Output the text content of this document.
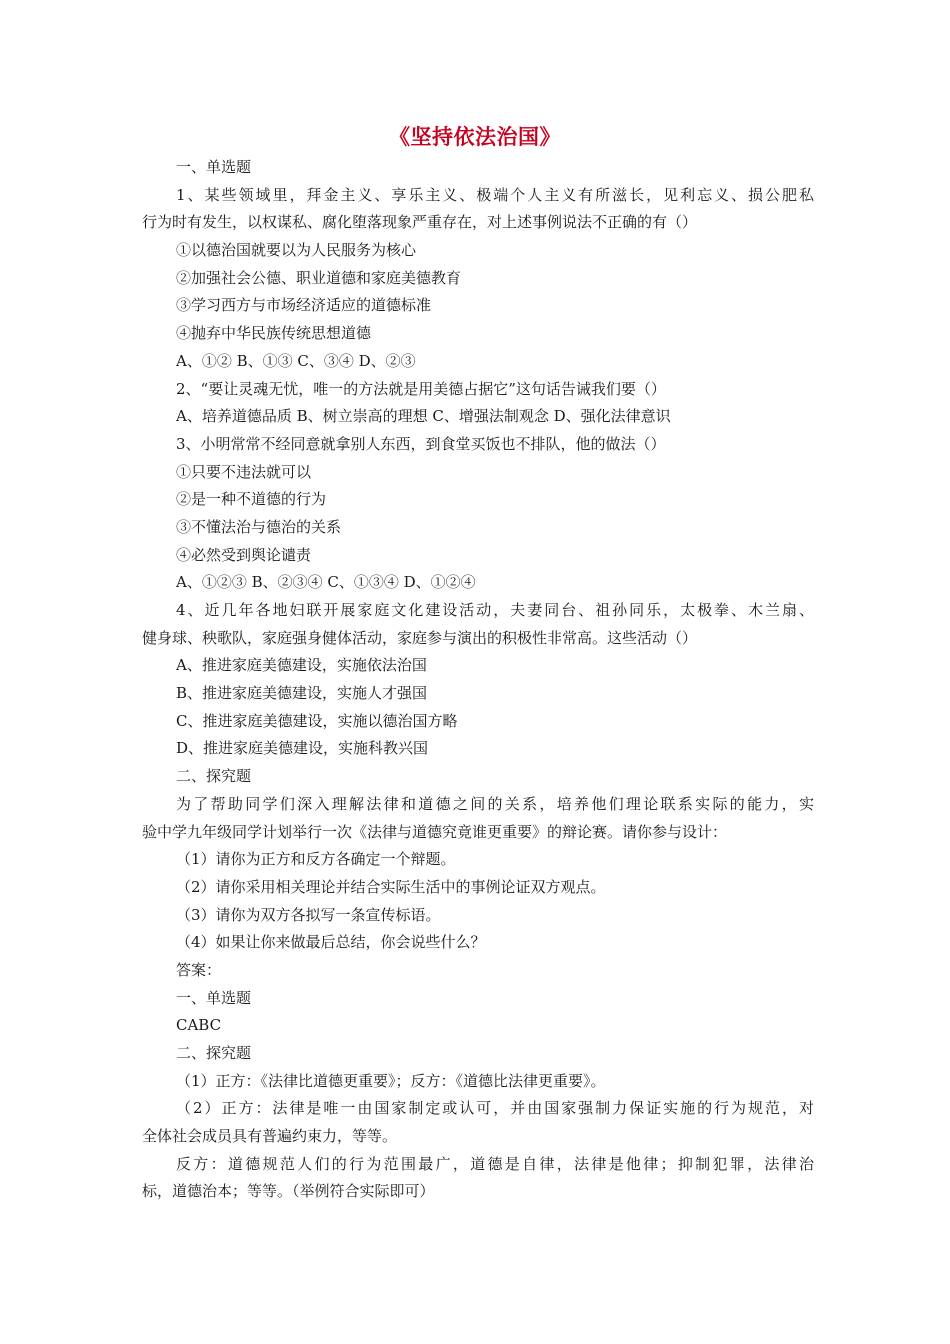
《坚持依法治国》
一、单选题
1、某些领域里，拜金主义、享乐主义、极端个人主义有所滋长，见利忘义、损公肥私
行为时有发生，以权谋私、腐化堕落现象严重存在，对上述事例说法不正确的有（）
①以德治国就要以为人民服务为核心
②加强社会公德、职业道德和家庭美德教育
③学习西方与市场经济适应的道德标准
④抛弃中华民族传统思想道德
A、①② B、①③ C、③④ D、②③
2、“要让灵魂无忧，唯一的方法就是用美德占据它”这句话告诫我们要（）
A、培养道德品质 B、树立崇高的理想 C、增强法制观念 D、强化法律意识
3、小明常常不经同意就拿别人东西，到食堂买饭也不排队，他的做法（）
①只要不违法就可以
②是一种不道德的行为
③不懂法治与德治的关系
④必然受到舆论谴责
A、①②③ B、②③④ C、①③④ D、①②④
4、近几年各地妇联开展家庭文化建设活动，夫妻同台、祖孙同乐，太极拳、木兰扇、
健身球、秧歌队，家庭强身健体活动，家庭参与演出的积极性非常高。这些活动（）
A、推进家庭美德建设，实施依法治国
B、推进家庭美德建设，实施人才强国
C、推进家庭美德建设，实施以德治国方略
D、推进家庭美德建设，实施科教兴国
二、探究题
为了帮助同学们深入理解法律和道德之间的关系，培养他们理论联系实际的能力，实
验中学九年级同学计划举行一次《法律与道德究竟谁更重要》的辩论赛。请你参与设计：
（1）请你为正方和反方各确定一个辩题。
（2）请你采用相关理论并结合实际生活中的事例论证双方观点。
（3）请你为双方各拟写一条宣传标语。
（4）如果让你来做最后总结，你会说些什么？
答案：
一、单选题
CABC
二、探究题
（1）正方：《法律比道德更重要》；反方：《道德比法律更重要》。
（2）正方：法律是唯一由国家制定或认可，并由国家强制力保证实施的行为规范，对
全体社会成员具有普遍约束力，等等。
反方：道德规范人们的行为范围最广，道德是自律，法律是他律；抑制犯罪，法律治
标，道德治本；等等。（举例符合实际即可）
